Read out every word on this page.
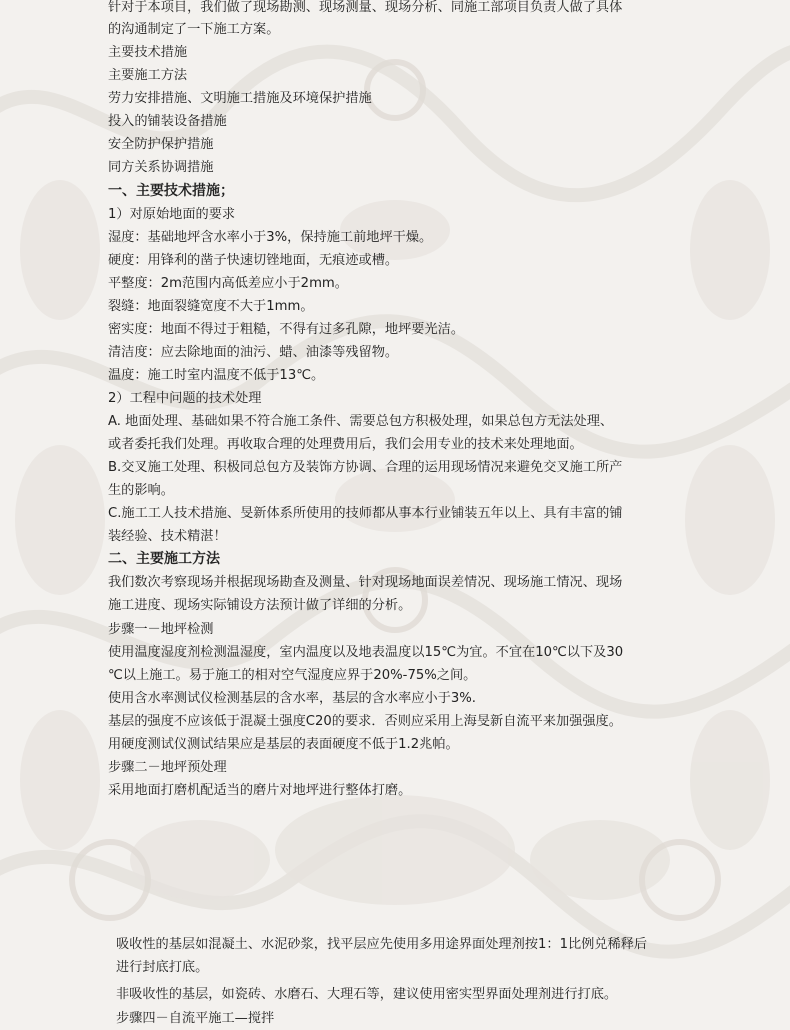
针对于本项目，我们做了现场勘测、现场测量、现场分析、同施工部项目负责人做了具体
的沟通制定了一下施工方案。
主要技术措施
主要施工方法
劳力安排措施、文明施工措施及环境保护措施
投入的铺装设备措施
安全防护保护措施
同方关系协调措施
一、主要技术措施；
1）对原始地面的要求
湿度：基础地坪含水率小于3%，保持施工前地坪干燥。
硬度：用锋利的凿子快速切锉地面，无痕迹或槽。
平整度：2m范围内高低差应小于2mm。
裂缝：地面裂缝宽度不大于1mm。
密实度：地面不得过于粗糙，不得有过多孔隙，地坪要光洁。
清洁度：应去除地面的油污、蜡、油漆等残留物。
温度：施工时室内温度不低于13℃。
2）工程中问题的技术处理
A. 地面处理、基础如果不符合施工条件、需要总包方积极处理，如果总包方无法处理、
或者委托我们处理。再收取合理的处理费用后，我们会用专业的技术来处理地面。
B.交叉施工处理、积极同总包方及装饰方协调、合理的运用现场情况来避免交叉施工所产
生的影响。
C.施工工人技术措施、旻新体系所使用的技师都从事本行业铺装五年以上、具有丰富的铺
装经验、技术精湛！
二、主要施工方法
我们数次考察现场并根据现场勘查及测量、针对现场地面误差情况、现场施工情况、现场
施工进度、现场实际铺设方法预计做了详细的分析。
步骤一－地坪检测
使用温度湿度剂检测温湿度，室内温度以及地表温度以15℃为宜。不宜在10℃以下及30
℃以上施工。易于施工的相对空气湿度应界于20%-75%之间。
使用含水率测试仪检测基层的含水率，基层的含水率应小于3%.
基层的强度不应该低于混凝土强度C20的要求．否则应采用上海旻新自流平来加强强度。
用硬度测试仪测试结果应是基层的表面硬度不低于1.2兆帕。
步骤二－地坪预处理
采用地面打磨机配适当的磨片对地坪进行整体打磨。
吸收性的基层如混凝土、水泥砂浆，找平层应先使用多用途界面处理剂按1：1比例兑稀释后
进行封底打底。
非吸收性的基层，如瓷砖、水磨石、大理石等，建议使用密实型界面处理剂进行打底。
步骤四－自流平施工—搅拌
